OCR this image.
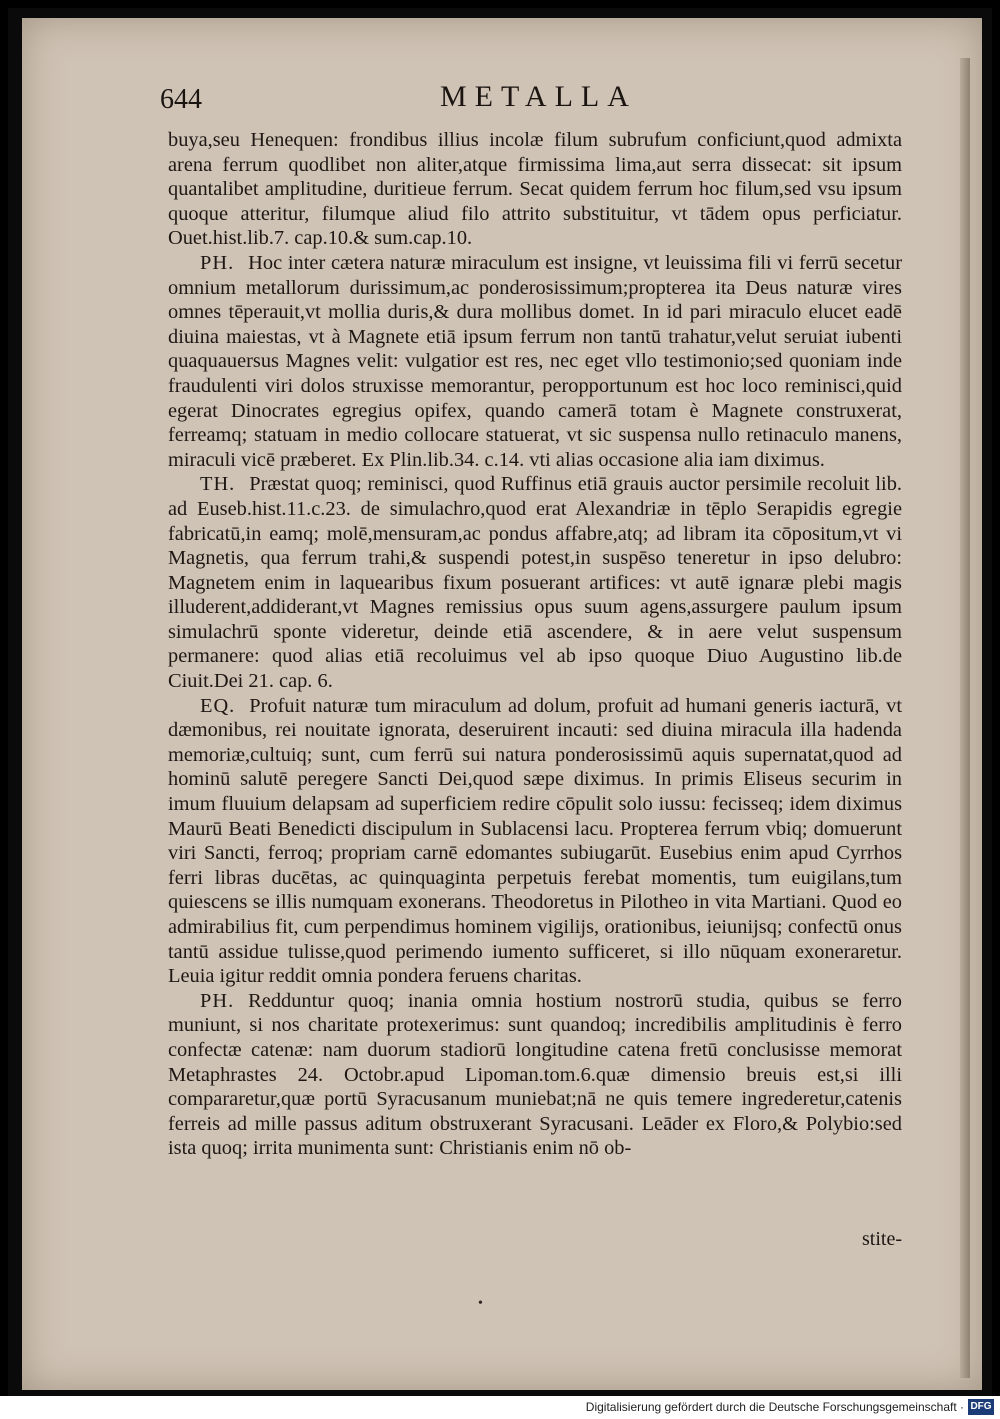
644	METALLA

buya,seu Henequen: frondibus illius incolæ filum subrufum conficiunt,quod admixta arena ferrum quodlibet non aliter,atque firmissima lima,aut serra dissecat: sit ipsum quantalibet amplitudine, duritieue ferrum. Secat quidem ferrum hoc filum,sed vsu ipsum quoque atteritur, filumque aliud filo attrito substituitur, vt tādem opus perficiatur. Ouet.hist.lib.7. cap.10.& sum.cap.10.

PH. Hoc inter cætera naturæ miraculum est insigne, vt leuissima fili vi ferrū secetur omnium metallorum durissimum,ac ponderosissimum;propterea ita Deus naturæ vires omnes tēperauit,vt mollia duris,& dura mollibus domet. In id pari miraculo elucet eadē diuina maiestas, vt à Magnete etiā ipsum ferrum non tantū trahatur,velut seruiat iubenti quaquauersus Magnes velit: vulgatior est res, nec eget vllo testimonio;sed quoniam inde fraudulenti viri dolos struxisse memorantur, peropportunum est hoc loco reminisci,quid egerat Dinocrates egregius opifex, quando camerā totam è Magnete construxerat, ferreamq; statuam in medio collocare statuerat, vt sic suspensa nullo retinaculo manens, miraculi vicē præberet. Ex Plin.lib.34. c.14. vti alias occasione alia iam diximus.

TH. Præstat quoq; reminisci, quod Ruffinus etiā grauis auctor persimile recoluit lib. ad Euseb.hist.11.c.23. de simulachro,quod erat Alexandriæ in tēplo Serapidis egregie fabricatū,in eamq; molē,mensuram,ac pondus affabre,atq; ad libram ita cōpositum,vt vi Magnetis, qua ferrum trahi,& suspendi potest,in suspēso teneretur in ipso delubro: Magnetem enim in laquearibus fixum posuerant artifices: vt autē ignaræ plebi magis illuderent,addiderant,vt Magnes remissius opus suum agens,assurgere paulum ipsum simulachrū sponte videretur, deinde etiā ascendere, & in aere velut suspensum permanere: quod alias etiā recoluimus vel ab ipso quoque Diuo Augustino lib.de Ciuit.Dei 21. cap. 6.

EQ. Profuit naturæ tum miraculum ad dolum, profuit ad humani generis iacturā, vt dæmonibus, rei nouitate ignorata, deseruirent incauti: sed diuina miracula illa hadenda memoriæ,cultuiq; sunt, cum ferrū sui natura ponderosissimū aquis supernatat,quod ad hominū salutē peregere Sancti Dei,quod sæpe diximus. In primis Eliseus securim in imum fluuium delapsam ad superficiem redire cōpulit solo iussu: fecisseq; idem diximus Maurū Beati Benedicti discipulum in Sublacensi lacu. Propterea ferrum vbiq; domuerunt viri Sancti, ferroq; propriam carnē edomantes subiugarūt. Eusebius enim apud Cyrrhos ferri libras ducētas, ac quinquaginta perpetuis ferebat momentis, tum euigilans,tum quiescens se illis numquam exonerans. Theodoretus in Pilotheo in vita Martiani. Quod eo admirabilius fit, cum perpendimus hominem vigilijs, orationibus, ieiunijsq; confectū onus tantū assidue tulisse,quod perimendo iumento sufficeret, si illo nūquam exoneraretur. Leuia igitur reddit omnia pondera feruens charitas.

PH. Redduntur quoq; inania omnia hostium nostrorū studia, quibus se ferro muniunt, si nos charitate protexerimus: sunt quandoq; incredibilis amplitudinis è ferro confectæ catenæ: nam duorum stadiorū longitudine catena fretū conclusisse memorat Metaphrastes 24. Octobr.apud Lipoman.tom.6.quæ dimensio breuis est,si illi compararetur,quæ portū Syracusanum muniebat;nā ne quis temere ingrederetur,catenis ferreis ad mille passus aditum obstruxerant Syracusani. Leāder ex Floro,& Polybio:sed ista quoq; irrita munimenta sunt: Christianis enim nō ob-

stite-
•
Digitalisierung gefördert durch die Deutsche Forschungsgemeinschaft · DFG
